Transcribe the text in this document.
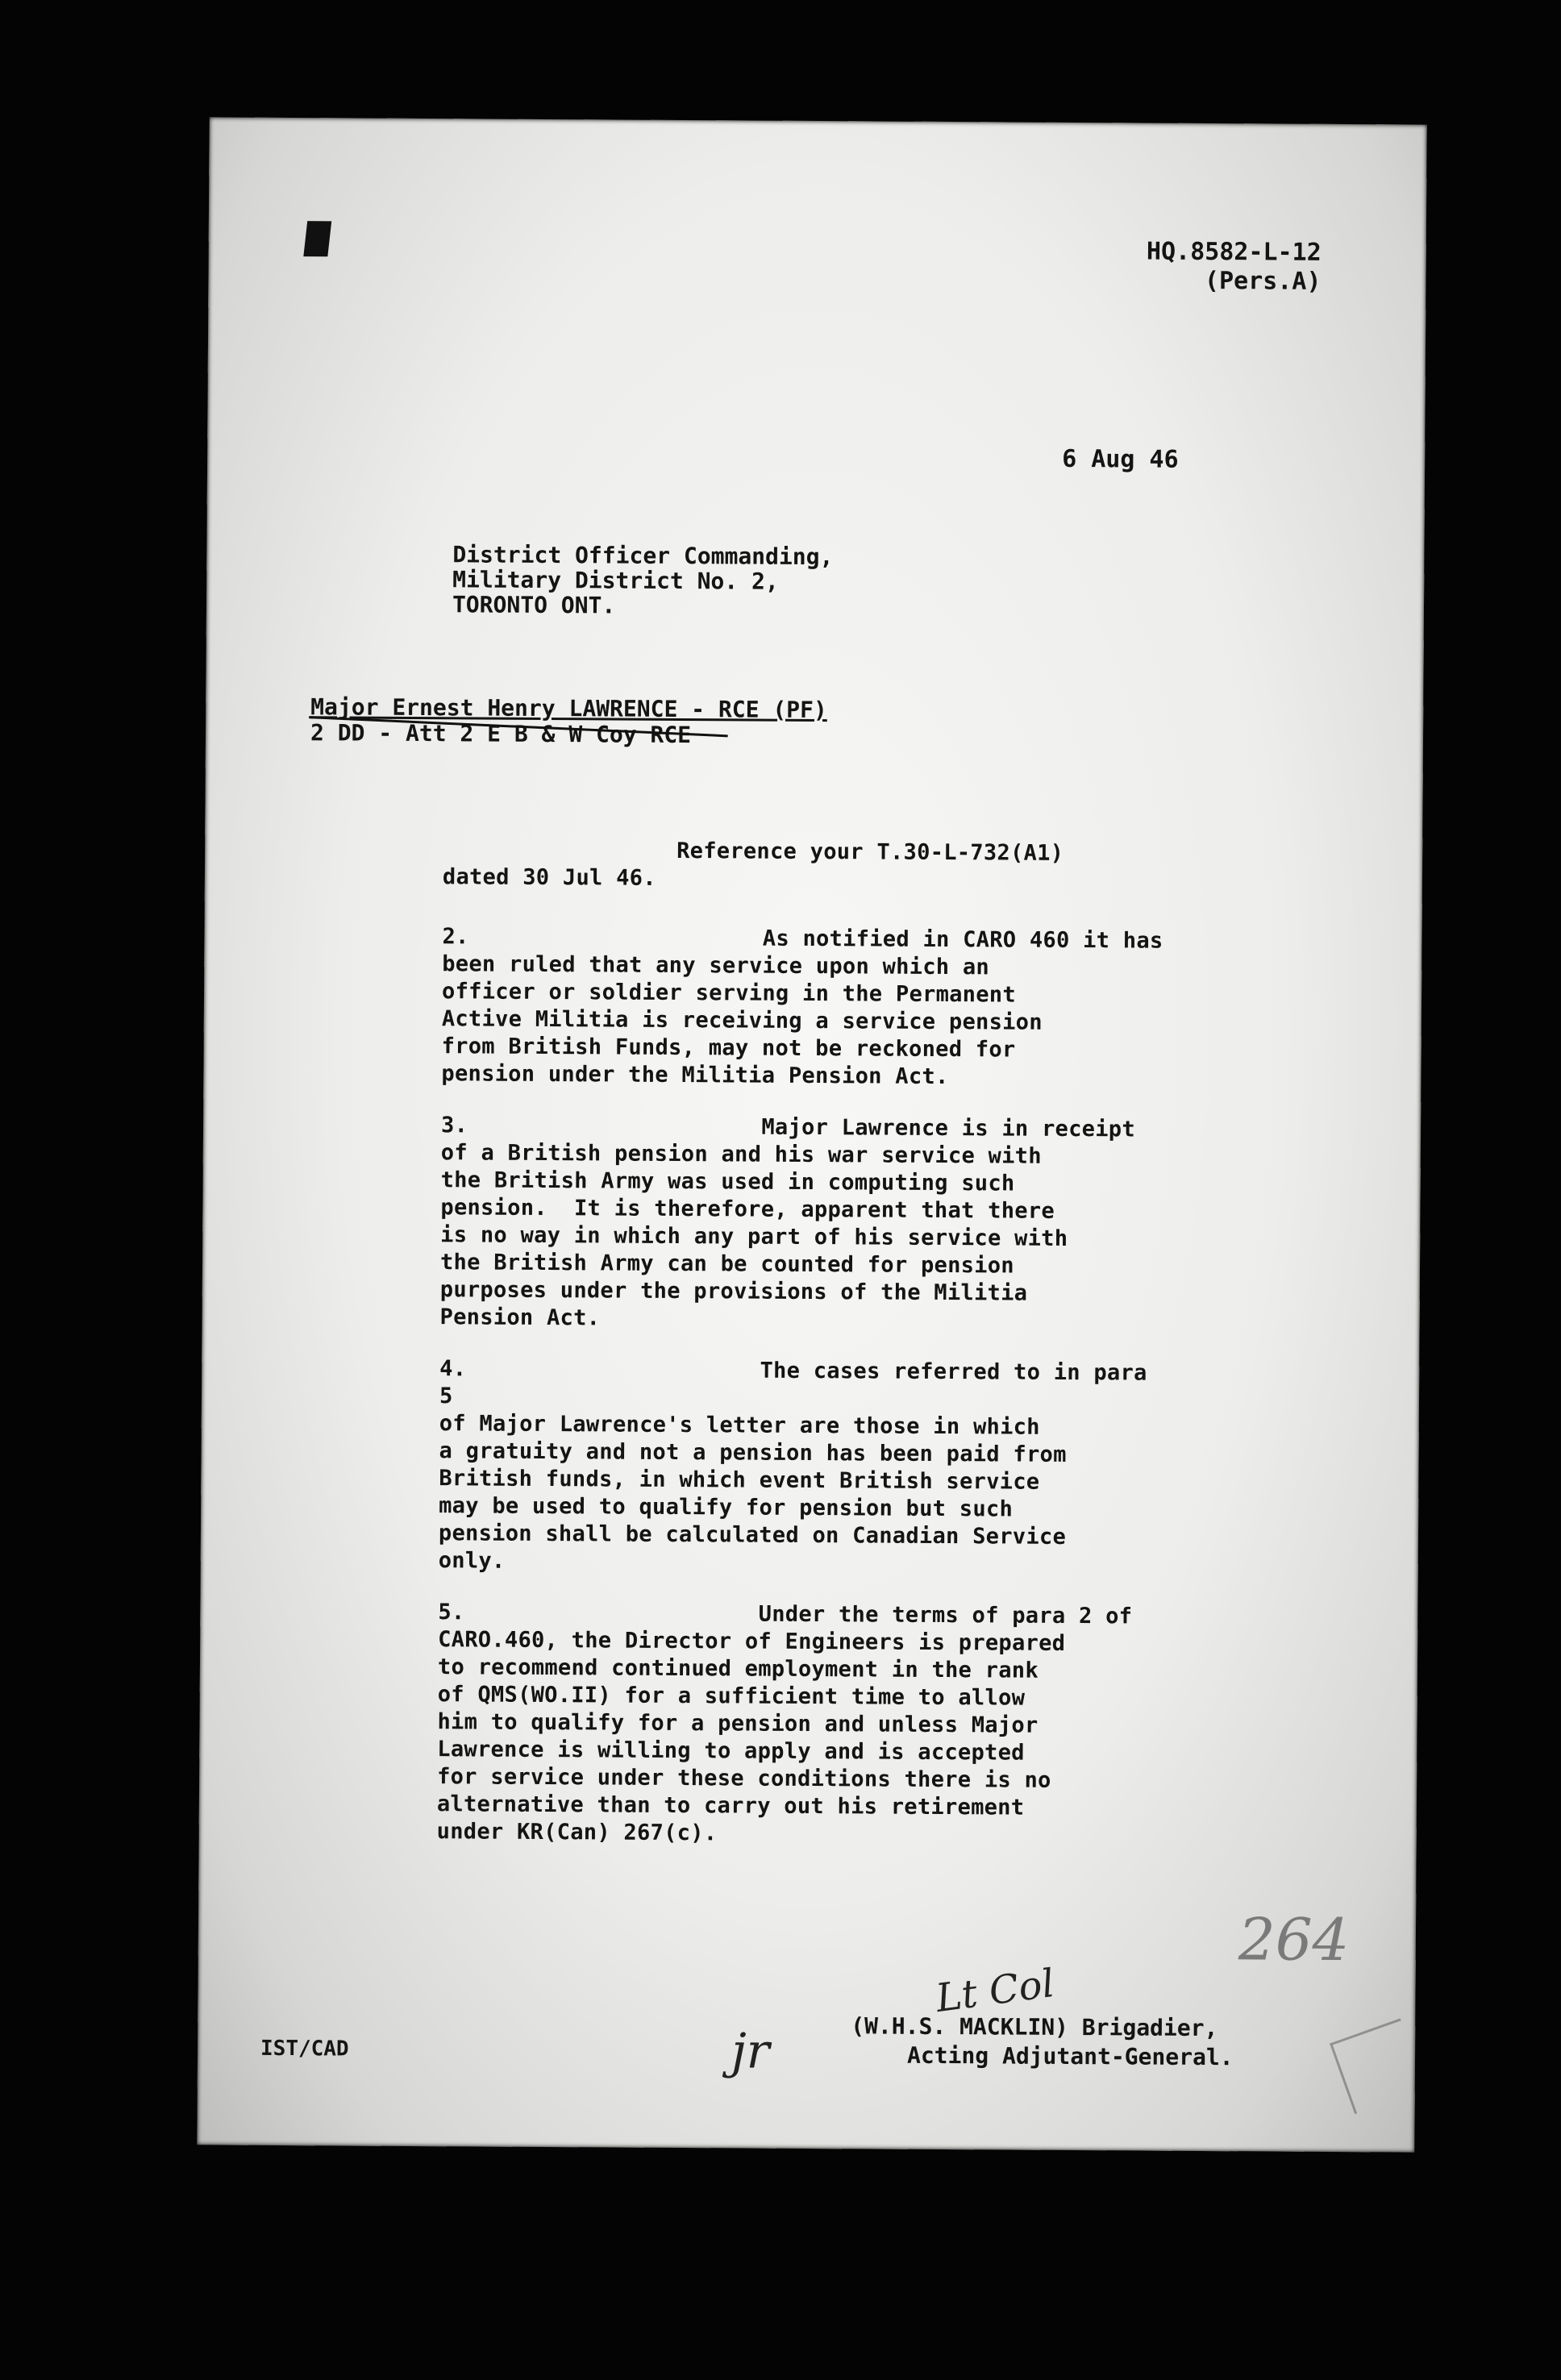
HQ.8582-L-12
(Pers.A)
6 Aug 46
District Officer Commanding,
Military District No. 2,
TORONTO ONT.
Major Ernest Henry LAWRENCE - RCE (PF)
2 DD - Att 2 E B & W Coy RCE

Reference your T.30-L-732(A1)

dated 30 Jul 46.

2.			As notified in CARO 460 it has
been ruled that any service upon which an
officer or soldier serving in the Permanent
Active Militia is receiving a service pension
from British Funds, may not be reckoned for
pension under the Militia Pension Act.

3.			Major Lawrence is in receipt
of a British pension and his war service with
the British Army was used in computing such
pension.  It is therefore, apparent that there
is no way in which any part of his service with
the British Army can be counted for pension
purposes under the provisions of the Militia
Pension Act.

4.			The cases referred to in para 5
of Major Lawrence's letter are those in which
a gratuity and not a pension has been paid from
British funds, in which event British service
may be used to qualify for pension but such
pension shall be calculated on Canadian Service
only.

5.			Under the terms of para 2 of
CARO.460, the Director of Engineers is prepared
to recommend continued employment in the rank
of QMS(WO.II) for a sufficient time to allow
him to qualify for a pension and unless Major
Lawrence is willing to apply and is accepted
for service under these conditions there is no
alternative than to carry out his retirement
under KR(Can) 267(c).

264
IST/CAD	jr
Lt Col
(W.H.S. MACKLIN) Brigadier,
Acting Adjutant-General.
